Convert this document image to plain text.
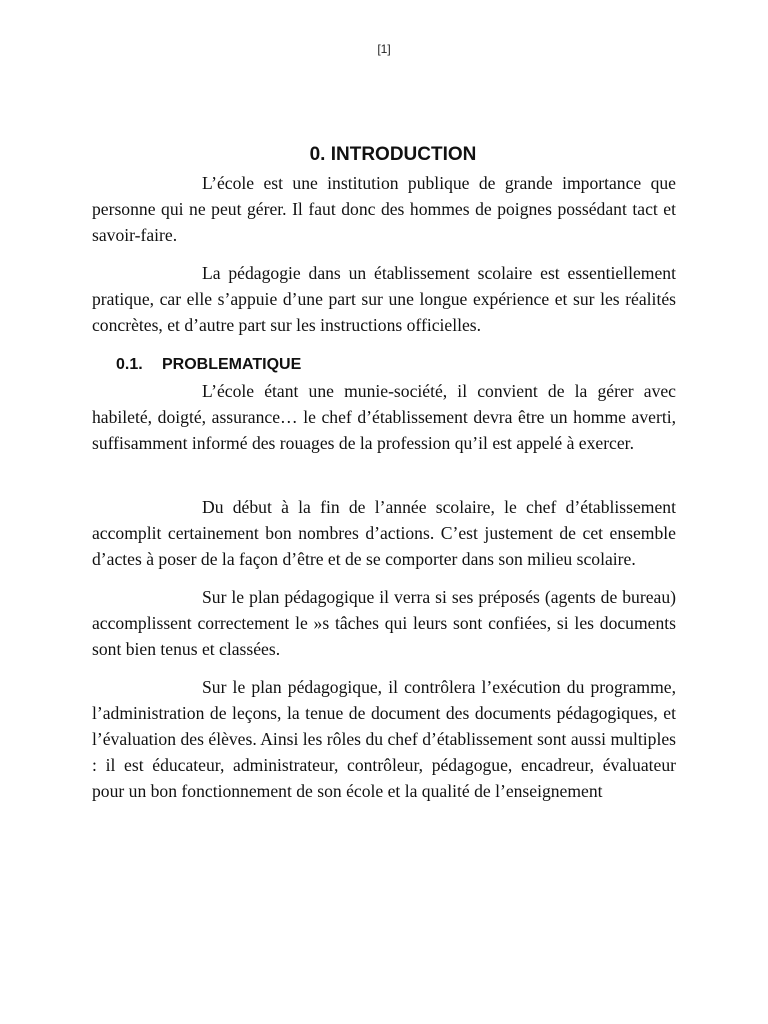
[1]
0. INTRODUCTION

L’école est une institution publique de grande importance que personne qui ne peut gérer. Il faut donc des hommes de poignes possédant tact et savoir-faire.

La pédagogie dans un établissement scolaire est essentiellement pratique, car elle s’appuie d’une part sur une longue expérience et sur les réalités concrètes, et d’autre part sur les instructions officielles.

0.1. PROBLEMATIQUE

L’école étant une munie-société, il convient de la gérer avec habileté, doigté, assurance… le chef d’établissement devra être un homme averti, suffisamment informé des rouages de la profession qu’il est appelé à exercer.

Du début à la fin de l’année scolaire, le chef d’établissement accomplit certainement bon nombres d’actions. C’est justement de cet ensemble d’actes à poser de la façon d’être et de se comporter dans son milieu scolaire.

Sur le plan pédagogique il verra si ses préposés (agents de bureau) accomplissent correctement le »s tâches qui leurs sont confiées, si les documents sont bien tenus et classées.

Sur le plan pédagogique, il contrôlera l’exécution du programme, l’administration de leçons, la tenue de document des documents pédagogiques, et l’évaluation des élèves. Ainsi les rôles du chef d’établissement sont aussi multiples : il est éducateur, administrateur, contrôleur, pédagogue, encadreur, évaluateur pour un bon fonctionnement de son école et la qualité de l’enseignement
